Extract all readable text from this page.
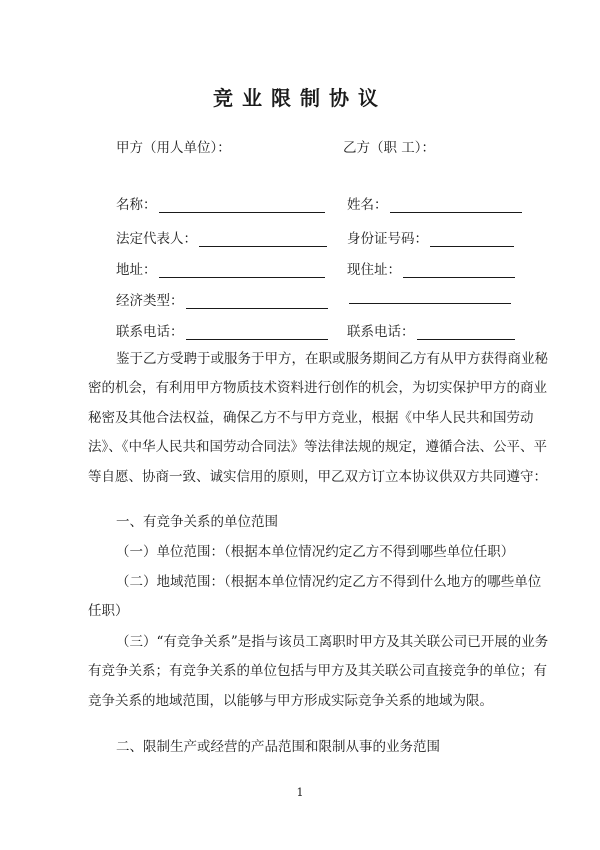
竞业限制协议
甲方（用人单位）：	乙方（职 工）：
名称：	姓名：
法定代表人：	身份证号码：
地址：	现住址：
经济类型：
联系电话：	联系电话：
鉴于乙方受聘于或服务于甲方，在职或服务期间乙方有从甲方获得商业秘
密的机会，有利用甲方物质技术资料进行创作的机会，为切实保护甲方的商业
秘密及其他合法权益，确保乙方不与甲方竞业，根据《中华人民共和国劳动
法》、《中华人民共和国劳动合同法》等法律法规的规定，遵循合法、公平、平
等自愿、协商一致、诚实信用的原则，甲乙双方订立本协议供双方共同遵守：
一、有竞争关系的单位范围
（一）单位范围：（根据本单位情况约定乙方不得到哪些单位任职）
（二）地域范围：（根据本单位情况约定乙方不得到什么地方的哪些单位
任职）
（三）“有竞争关系”是指与该员工离职时甲方及其关联公司已开展的业务
有竞争关系；有竞争关系的单位包括与甲方及其关联公司直接竞争的单位；有
竞争关系的地域范围，以能够与甲方形成实际竞争关系的地域为限。
二、限制生产或经营的产品范围和限制从事的业务范围
1
